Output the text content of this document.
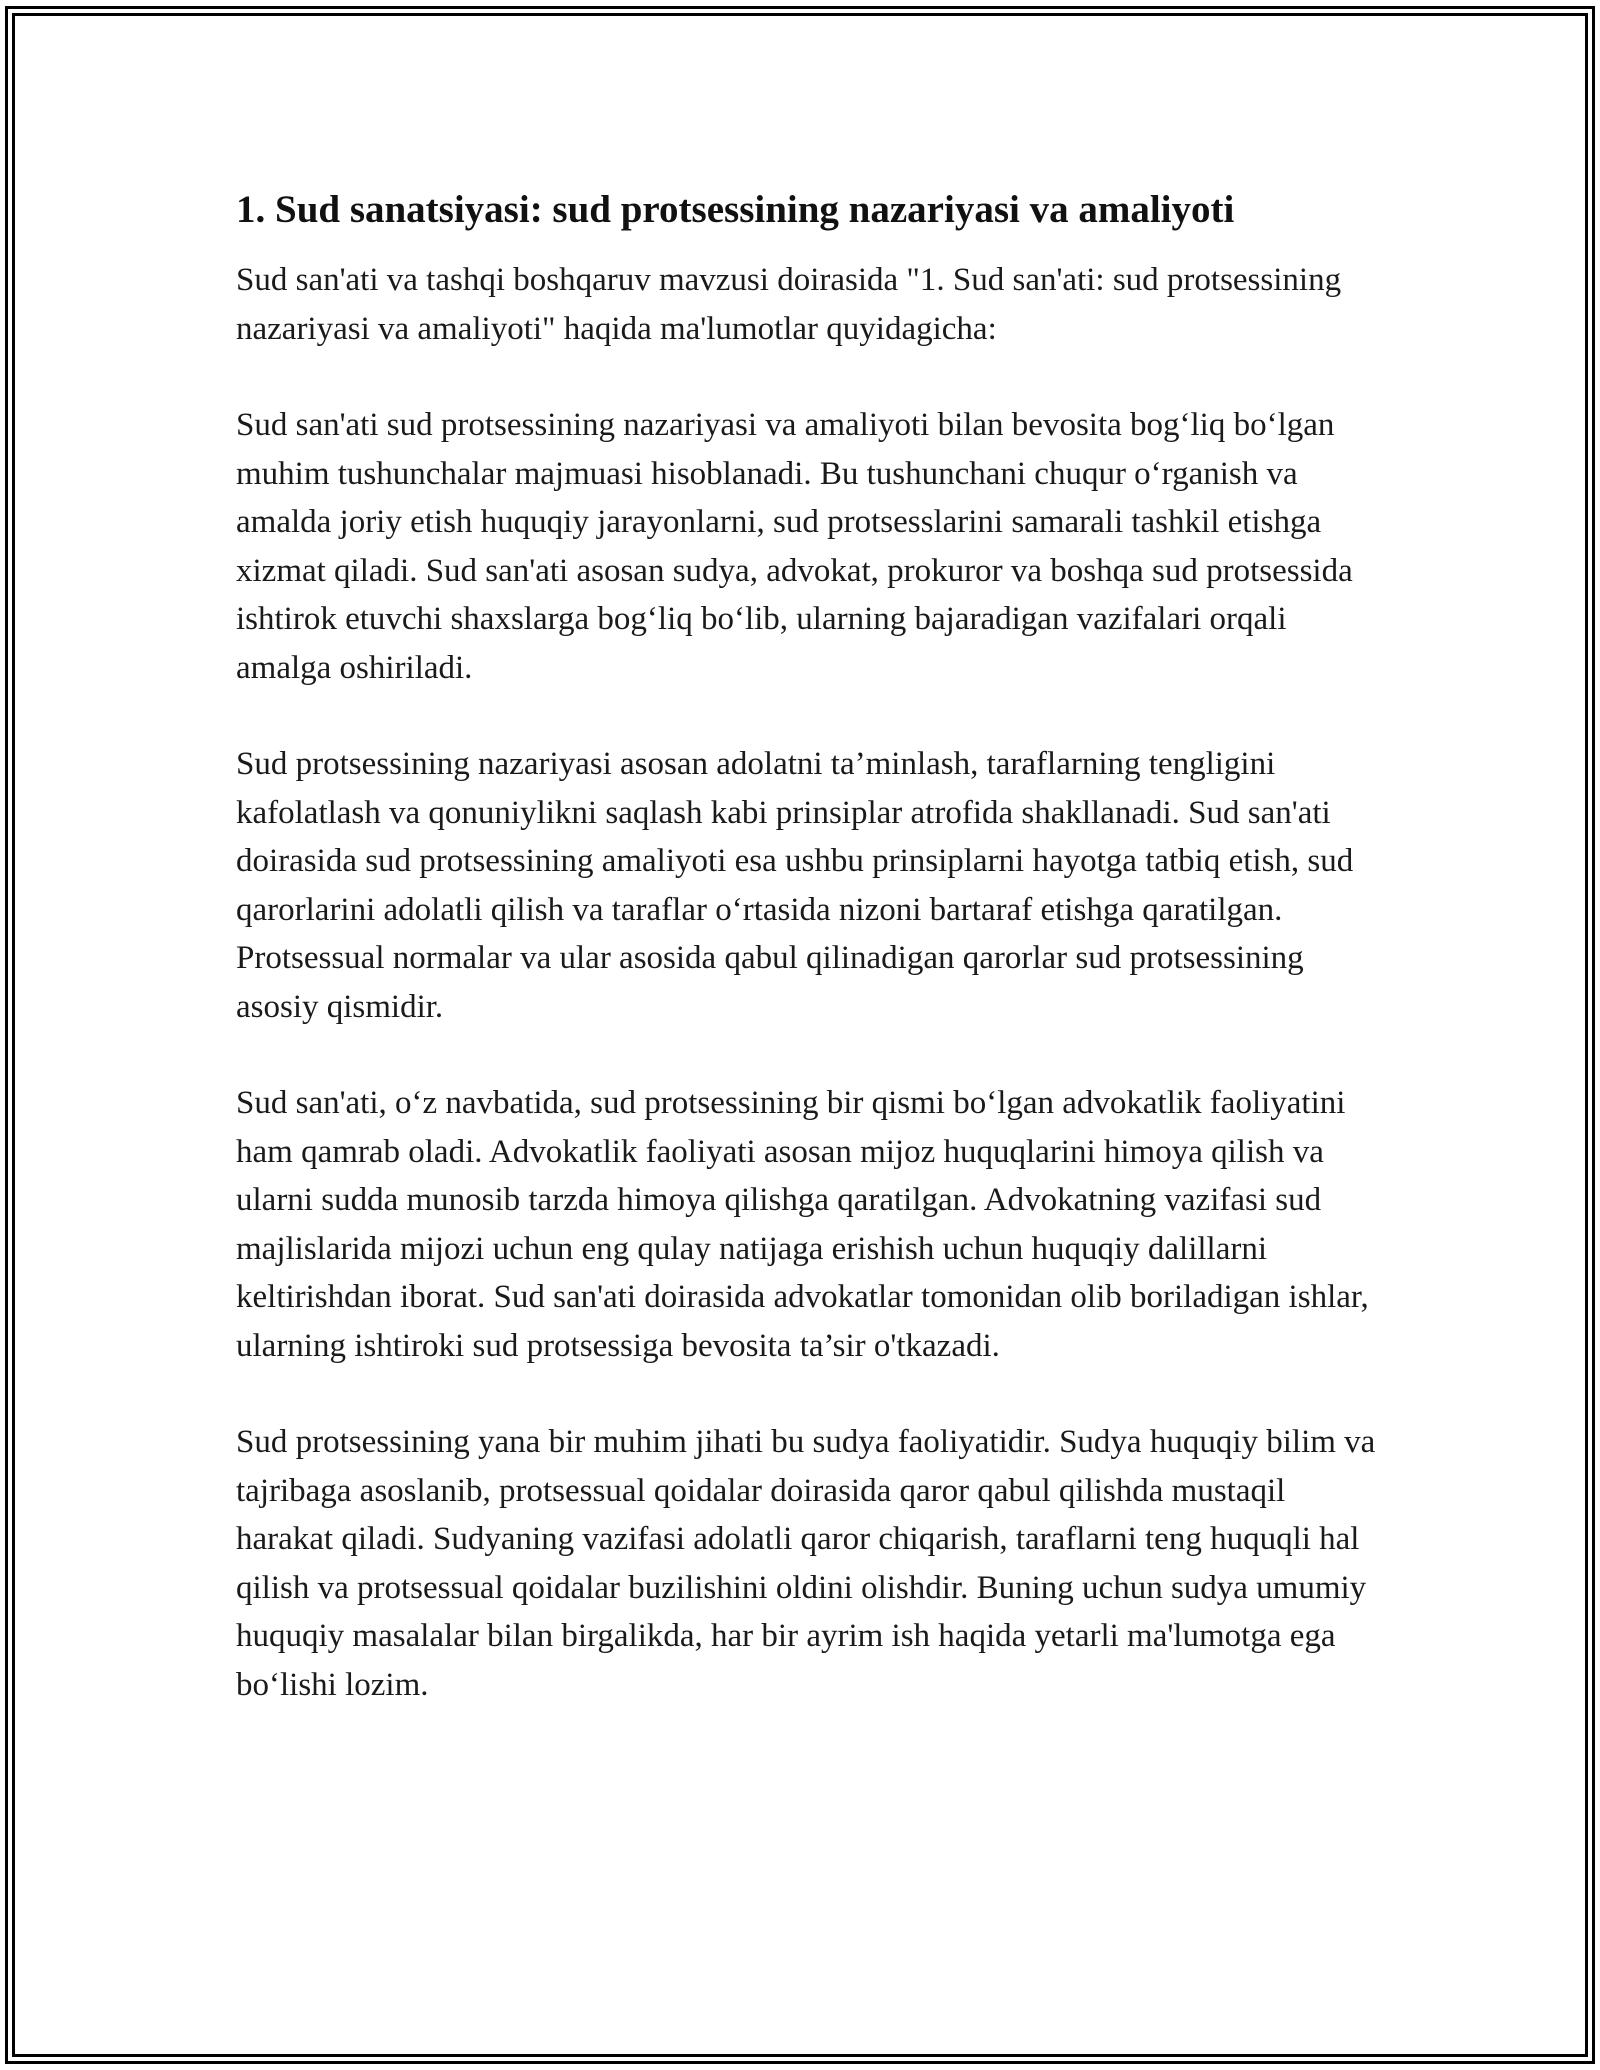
1. Sud sanatsiyasi: sud protsessining nazariyasi va amaliyoti

Sud san'ati va tashqi boshqaruv mavzusi doirasida "1. Sud san'ati: sud protsessining nazariyasi va amaliyoti" haqida ma'lumotlar quyidagicha:

Sud san'ati sud protsessining nazariyasi va amaliyoti bilan bevosita bog‘liq bo‘lgan muhim tushunchalar majmuasi hisoblanadi. Bu tushunchani chuqur o‘rganish va amalda joriy etish huquqiy jarayonlarni, sud protsesslarini samarali tashkil etishga xizmat qiladi. Sud san'ati asosan sudya, advokat, prokuror va boshqa sud protsessida ishtirok etuvchi shaxslarga bog‘liq bo‘lib, ularning bajaradigan vazifalari orqali amalga oshiriladi.

Sud protsessining nazariyasi asosan adolatni ta’minlash, taraflarning tengligini kafolatlash va qonuniylikni saqlash kabi prinsiplar atrofida shakllanadi. Sud san'ati doirasida sud protsessining amaliyoti esa ushbu prinsiplarni hayotga tatbiq etish, sud qarorlarini adolatli qilish va taraflar o‘rtasida nizoni bartaraf etishga qaratilgan. Protsessual normalar va ular asosida qabul qilinadigan qarorlar sud protsessining asosiy qismidir.

Sud san'ati, o‘z navbatida, sud protsessining bir qismi bo‘lgan advokatlik faoliyatini ham qamrab oladi. Advokatlik faoliyati asosan mijoz huquqlarini himoya qilish va ularni sudda munosib tarzda himoya qilishga qaratilgan. Advokatning vazifasi sud majlislarida mijozi uchun eng qulay natijaga erishish uchun huquqiy dalillarni keltirishdan iborat. Sud san'ati doirasida advokatlar tomonidan olib boriladigan ishlar, ularning ishtiroki sud protsessiga bevosita ta’sir o'tkazadi.

Sud protsessining yana bir muhim jihati bu sudya faoliyatidir. Sudya huquqiy bilim va tajribaga asoslanib, protsessual qoidalar doirasida qaror qabul qilishda mustaqil harakat qiladi. Sudyaning vazifasi adolatli qaror chiqarish, taraflarni teng huquqli hal qilish va protsessual qoidalar buzilishini oldini olishdir. Buning uchun sudya umumiy huquqiy masalalar bilan birgalikda, har bir ayrim ish haqida yetarli ma'lumotga ega bo‘lishi lozim.
